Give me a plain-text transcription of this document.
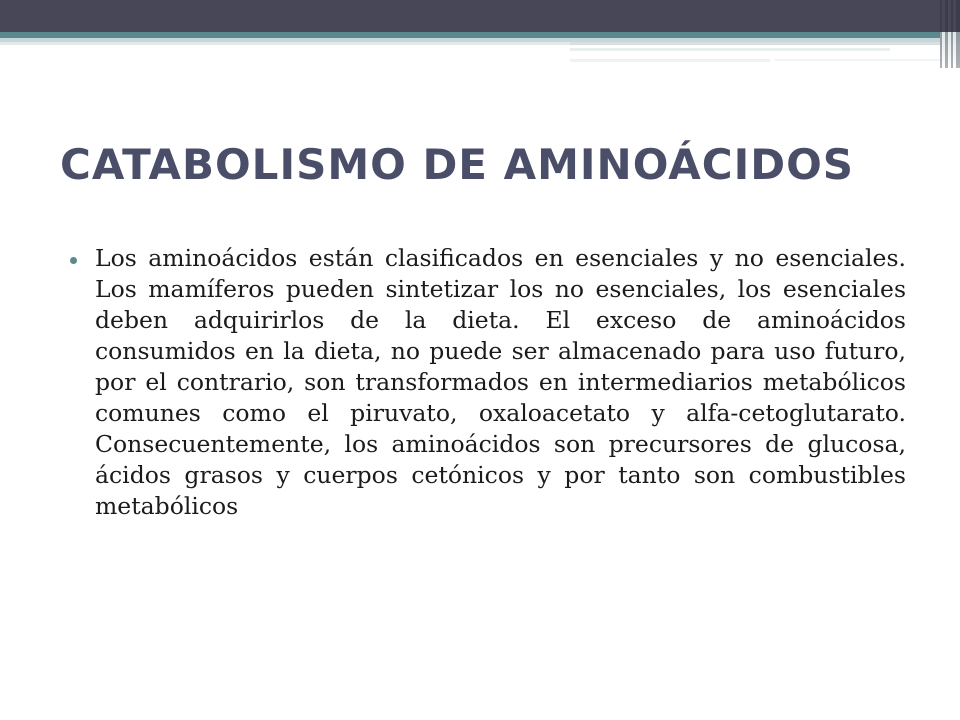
CATABOLISMO DE AMINOÁCIDOS

Los aminoácidos están clasificados en esenciales y no esenciales. Los mamíferos pueden sintetizar los no esenciales, los esenciales deben adquirirlos de la dieta. El exceso de aminoácidos consumidos en la dieta, no puede ser almacenado para uso futuro, por el contrario, son transformados en intermediarios metabólicos comunes como el piruvato, oxaloacetato y alfa-cetoglutarato. Consecuentemente, los aminoácidos son precursores de glucosa, ácidos grasos y cuerpos cetónicos y por tanto son combustibles metabólicos
